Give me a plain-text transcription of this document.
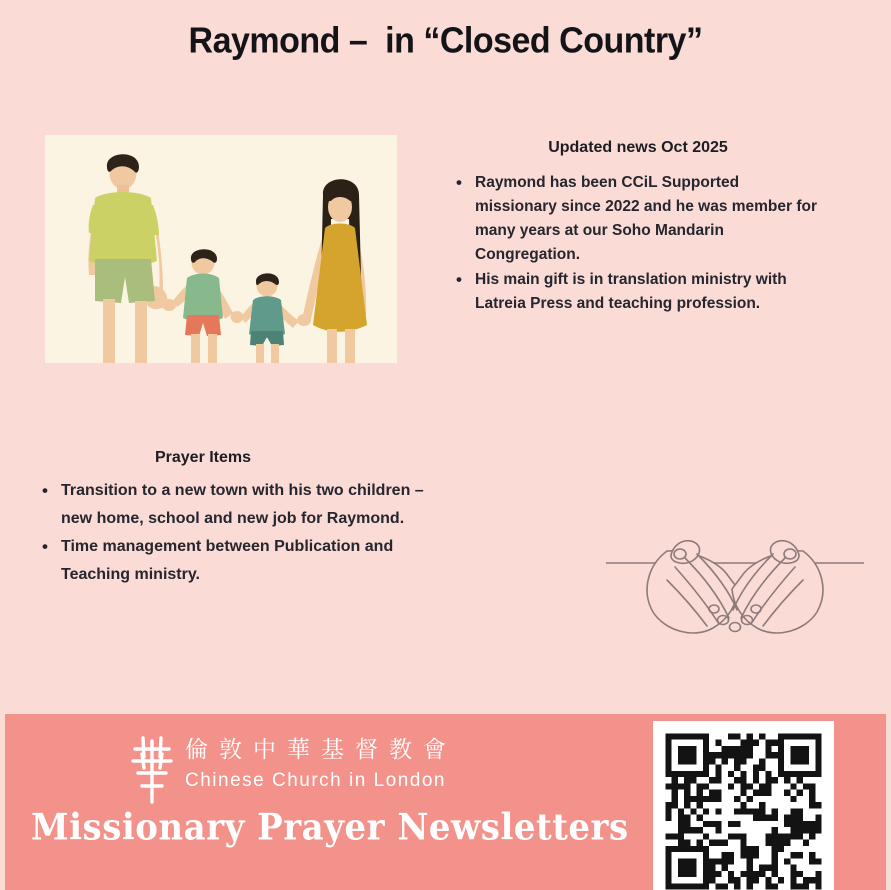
Raymond –  in “Closed Country”
Updated news Oct 2025
• Raymond has been CCiL Supported missionary since 2022 and he was member for many years at our Soho Mandarin Congregation.
• His main gift is in translation ministry with Latreia Press and teaching profession.
Prayer Items
• Transition to a new town with his two children – new home, school and new job for Raymond.
• Time management between Publication and Teaching ministry.
倫敦中華基督教會
Chinese Church in London
Missionary Prayer Newsletters
